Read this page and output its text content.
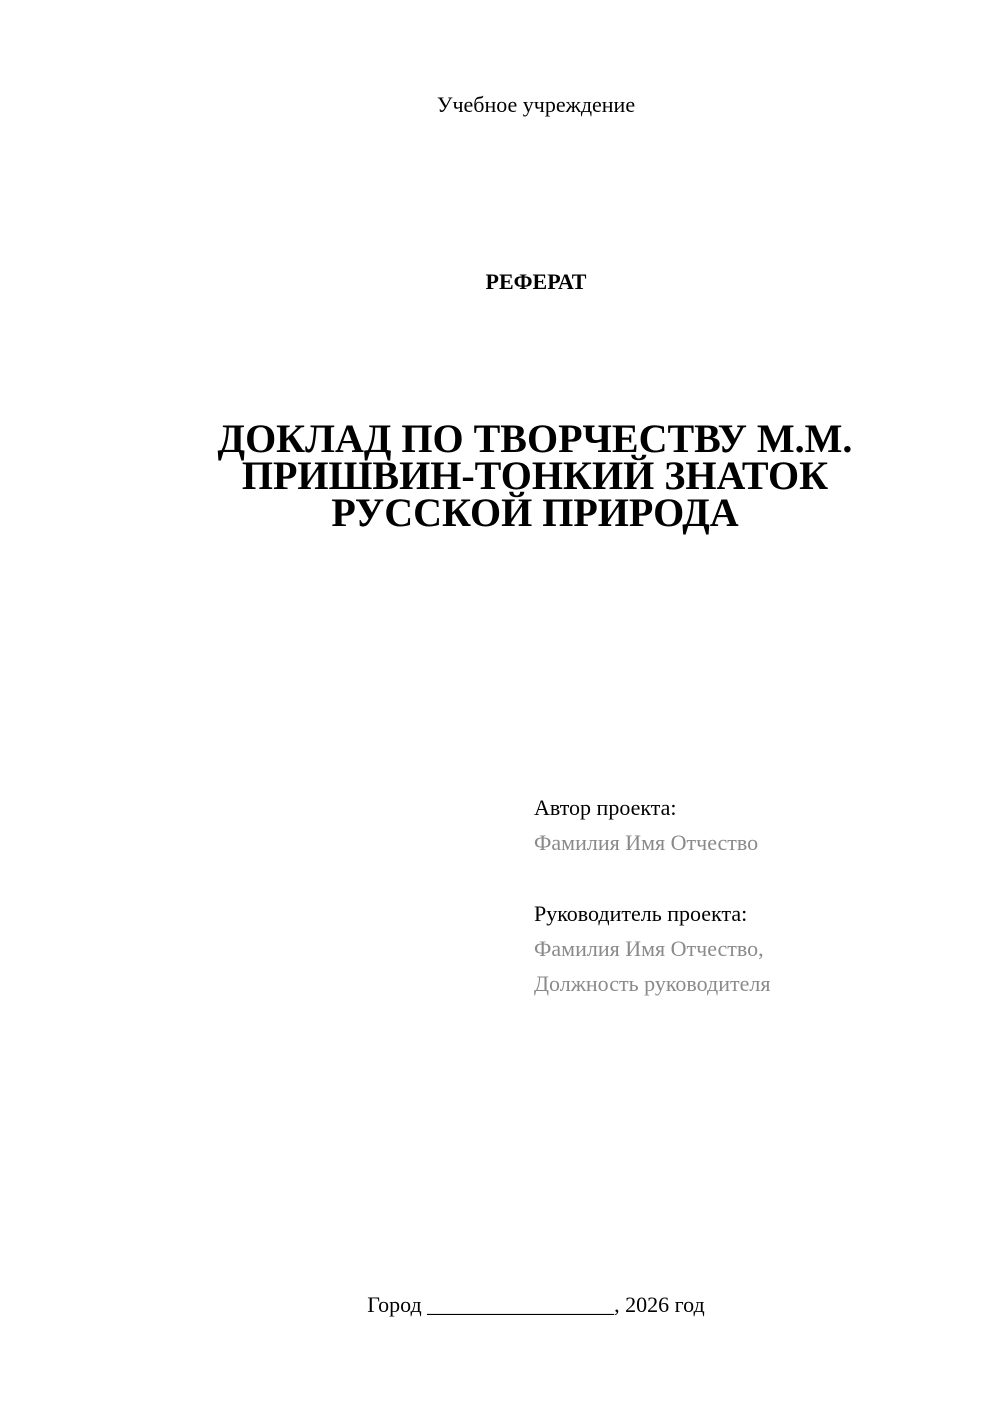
Учебное учреждение
РЕФЕРАТ
ДОКЛАД ПО ТВОРЧЕСТВУ М.М.
ПРИШВИН-ТОНКИЙ ЗНАТОК
РУССКОЙ ПРИРОДА
Автор проекта:
Фамилия Имя Отчество
Руководитель проекта:
Фамилия Имя Отчество,
Должность руководителя
Город _________________, 2026 год
